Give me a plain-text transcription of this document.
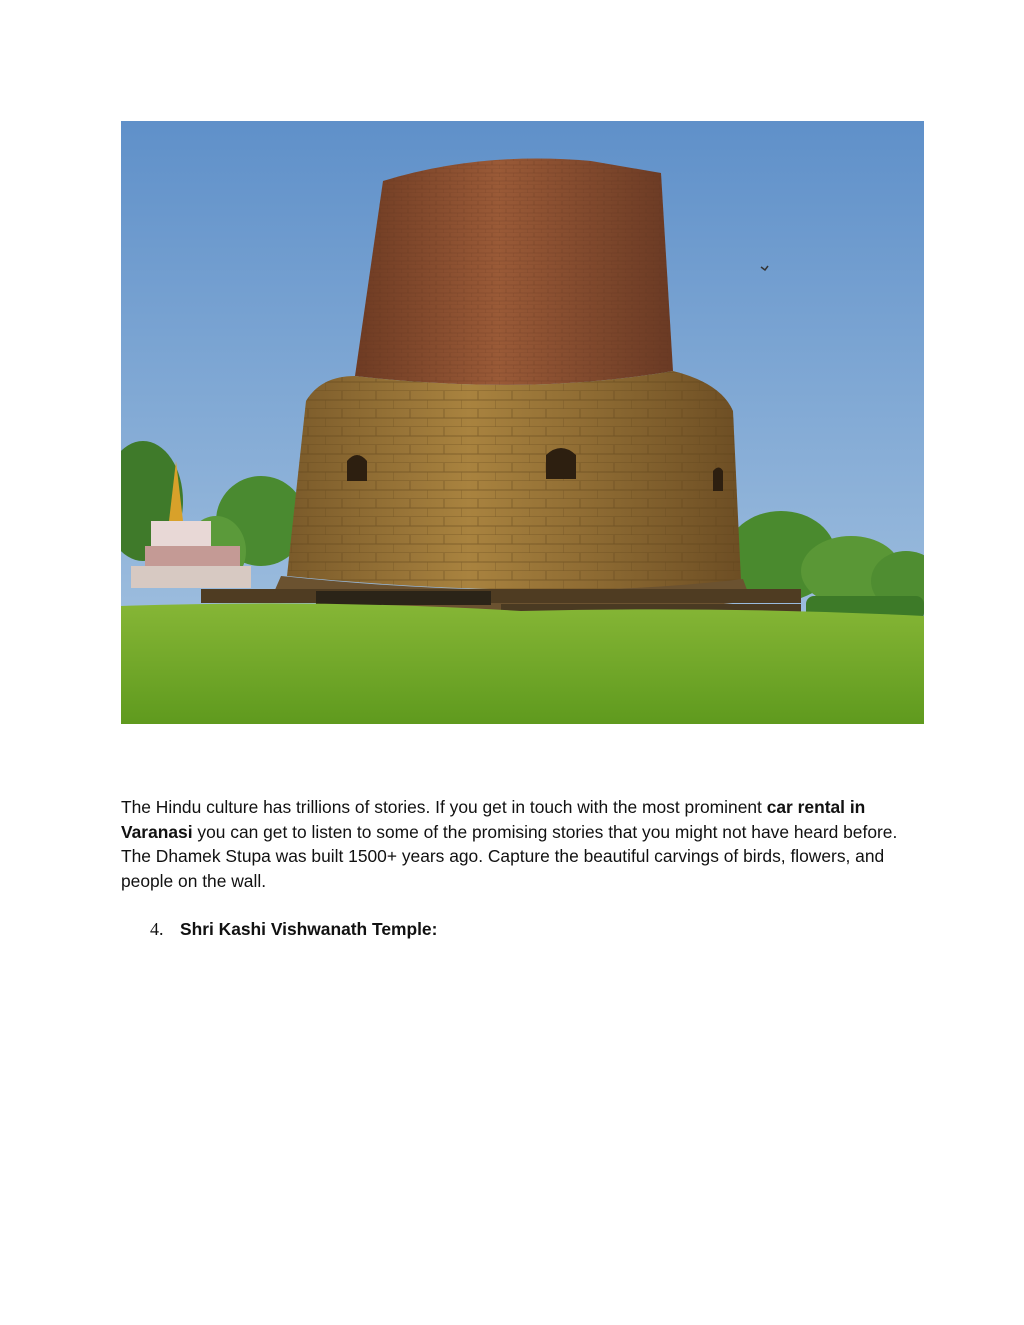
The Hindu culture has trillions of stories. If you get in touch with the most prominent car rental in Varanasi you can get to listen to some of the promising stories that you might not have heard before. The Dhamek Stupa was built 1500+ years ago. Capture the beautiful carvings of birds, flowers, and people on the wall.

4. Shri Kashi Vishwanath Temple:
